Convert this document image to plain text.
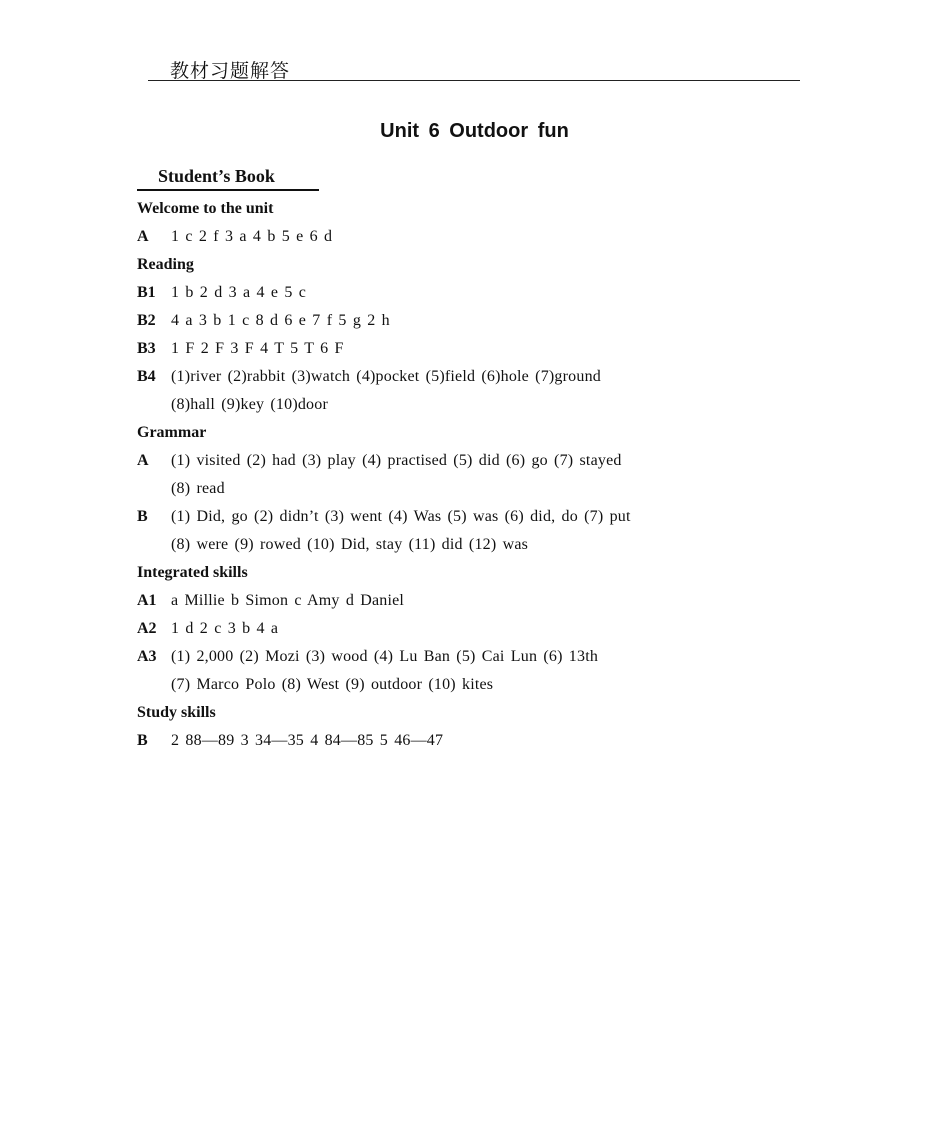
教材习题解答
Unit 6 Outdoor fun
Student’s Book
Welcome to the unit
A 1 c 2 f 3 a 4 b 5 e 6 d
Reading
B1 1 b 2 d 3 a 4 e 5 c
B2 4 a 3 b 1 c 8 d 6 e 7 f 5 g 2 h
B3 1 F 2 F 3 F 4 T 5 T 6 F
B4 (1)river (2)rabbit (3)watch (4)pocket (5)field (6)hole (7)ground
(8)hall (9)key (10)door
Grammar
A (1) visited (2) had (3) play (4) practised (5) did (6) go (7) stayed
(8) read
B (1) Did, go (2) didn’t (3) went (4) Was (5) was (6) did, do (7) put
(8) were (9) rowed (10) Did, stay (11) did (12) was
Integrated skills
A1 a Millie b Simon c Amy d Daniel
A2 1 d 2 c 3 b 4 a
A3 (1) 2,000 (2) Mozi (3) wood (4) Lu Ban (5) Cai Lun (6) 13th
(7) Marco Polo (8) West (9) outdoor (10) kites
Study skills
B 2 88—89 3 34—35 4 84—85 5 46—47
